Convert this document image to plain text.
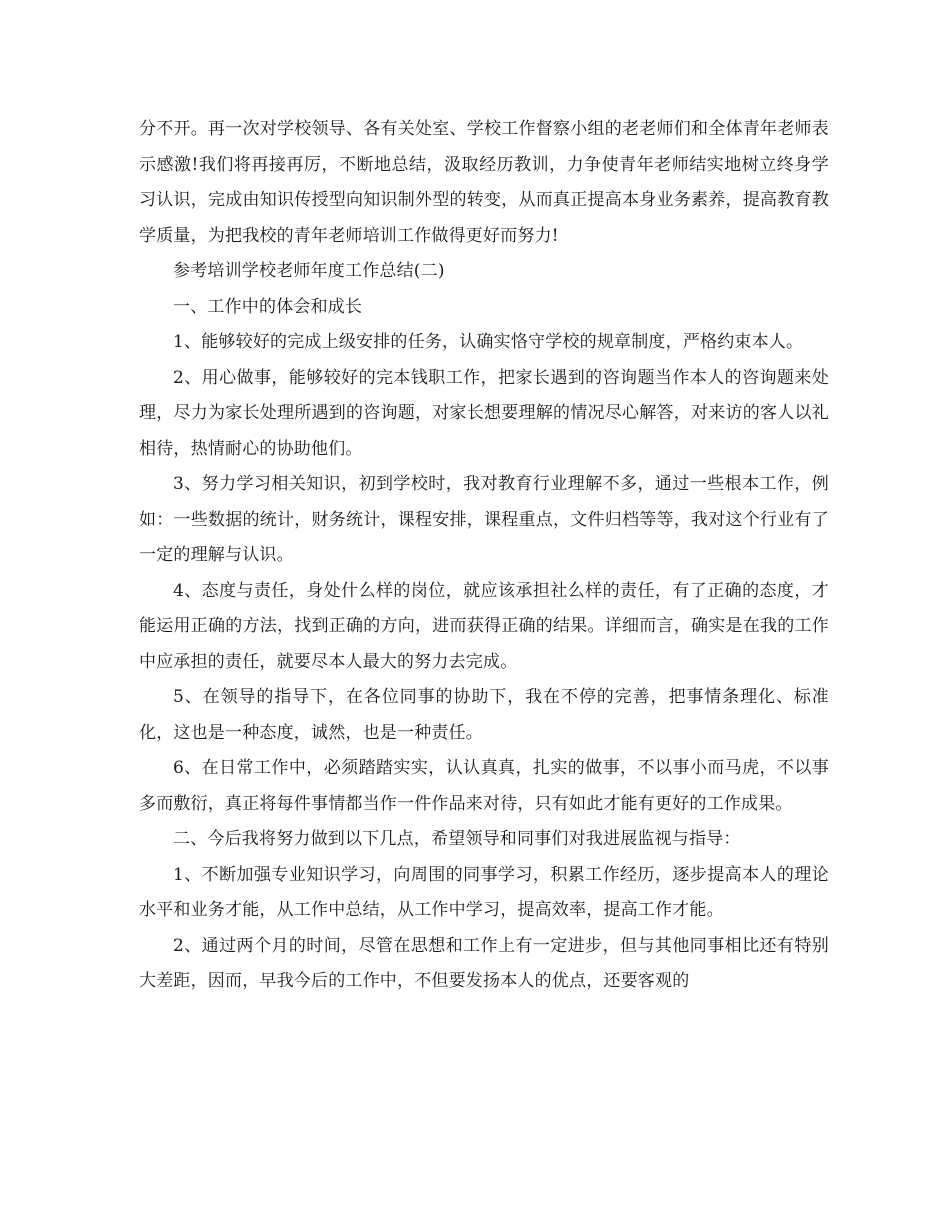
分不开。再一次对学校领导、各有关处室、学校工作督察小组的老老师们和全体青年老师表示感激!我们将再接再厉，不断地总结，汲取经历教训，力争使青年老师结实地树立终身学习认识，完成由知识传授型向知识制外型的转变，从而真正提高本身业务素养，提高教育教学质量，为把我校的青年老师培训工作做得更好而努力!

参考培训学校老师年度工作总结(二)

一、工作中的体会和成长

1、能够较好的完成上级安排的任务，认确实恪守学校的规章制度，严格约束本人。

2、用心做事，能够较好的完本钱职工作，把家长遇到的咨询题当作本人的咨询题来处理，尽力为家长处理所遇到的咨询题，对家长想要理解的情况尽心解答，对来访的客人以礼相待，热情耐心的协助他们。

3、努力学习相关知识，初到学校时，我对教育行业理解不多，通过一些根本工作，例如：一些数据的统计，财务统计，课程安排，课程重点，文件归档等等，我对这个行业有了一定的理解与认识。

4、态度与责任，身处什么样的岗位，就应该承担社么样的责任，有了正确的态度，才能运用正确的方法，找到正确的方向，进而获得正确的结果。详细而言，确实是在我的工作中应承担的责任，就要尽本人最大的努力去完成。

5、在领导的指导下，在各位同事的协助下，我在不停的完善，把事情条理化、标准化，这也是一种态度，诚然，也是一种责任。

6、在日常工作中，必须踏踏实实，认认真真，扎实的做事，不以事小而马虎，不以事多而敷衍，真正将每件事情都当作一件作品来对待，只有如此才能有更好的工作成果。

二、今后我将努力做到以下几点，希望领导和同事们对我进展监视与指导：

1、不断加强专业知识学习，向周围的同事学习，积累工作经历，逐步提高本人的理论水平和业务才能，从工作中总结，从工作中学习，提高效率，提高工作才能。

2、通过两个月的时间，尽管在思想和工作上有一定进步，但与其他同事相比还有特别大差距，因而，早我今后的工作中，不但要发扬本人的优点，还要客观的
